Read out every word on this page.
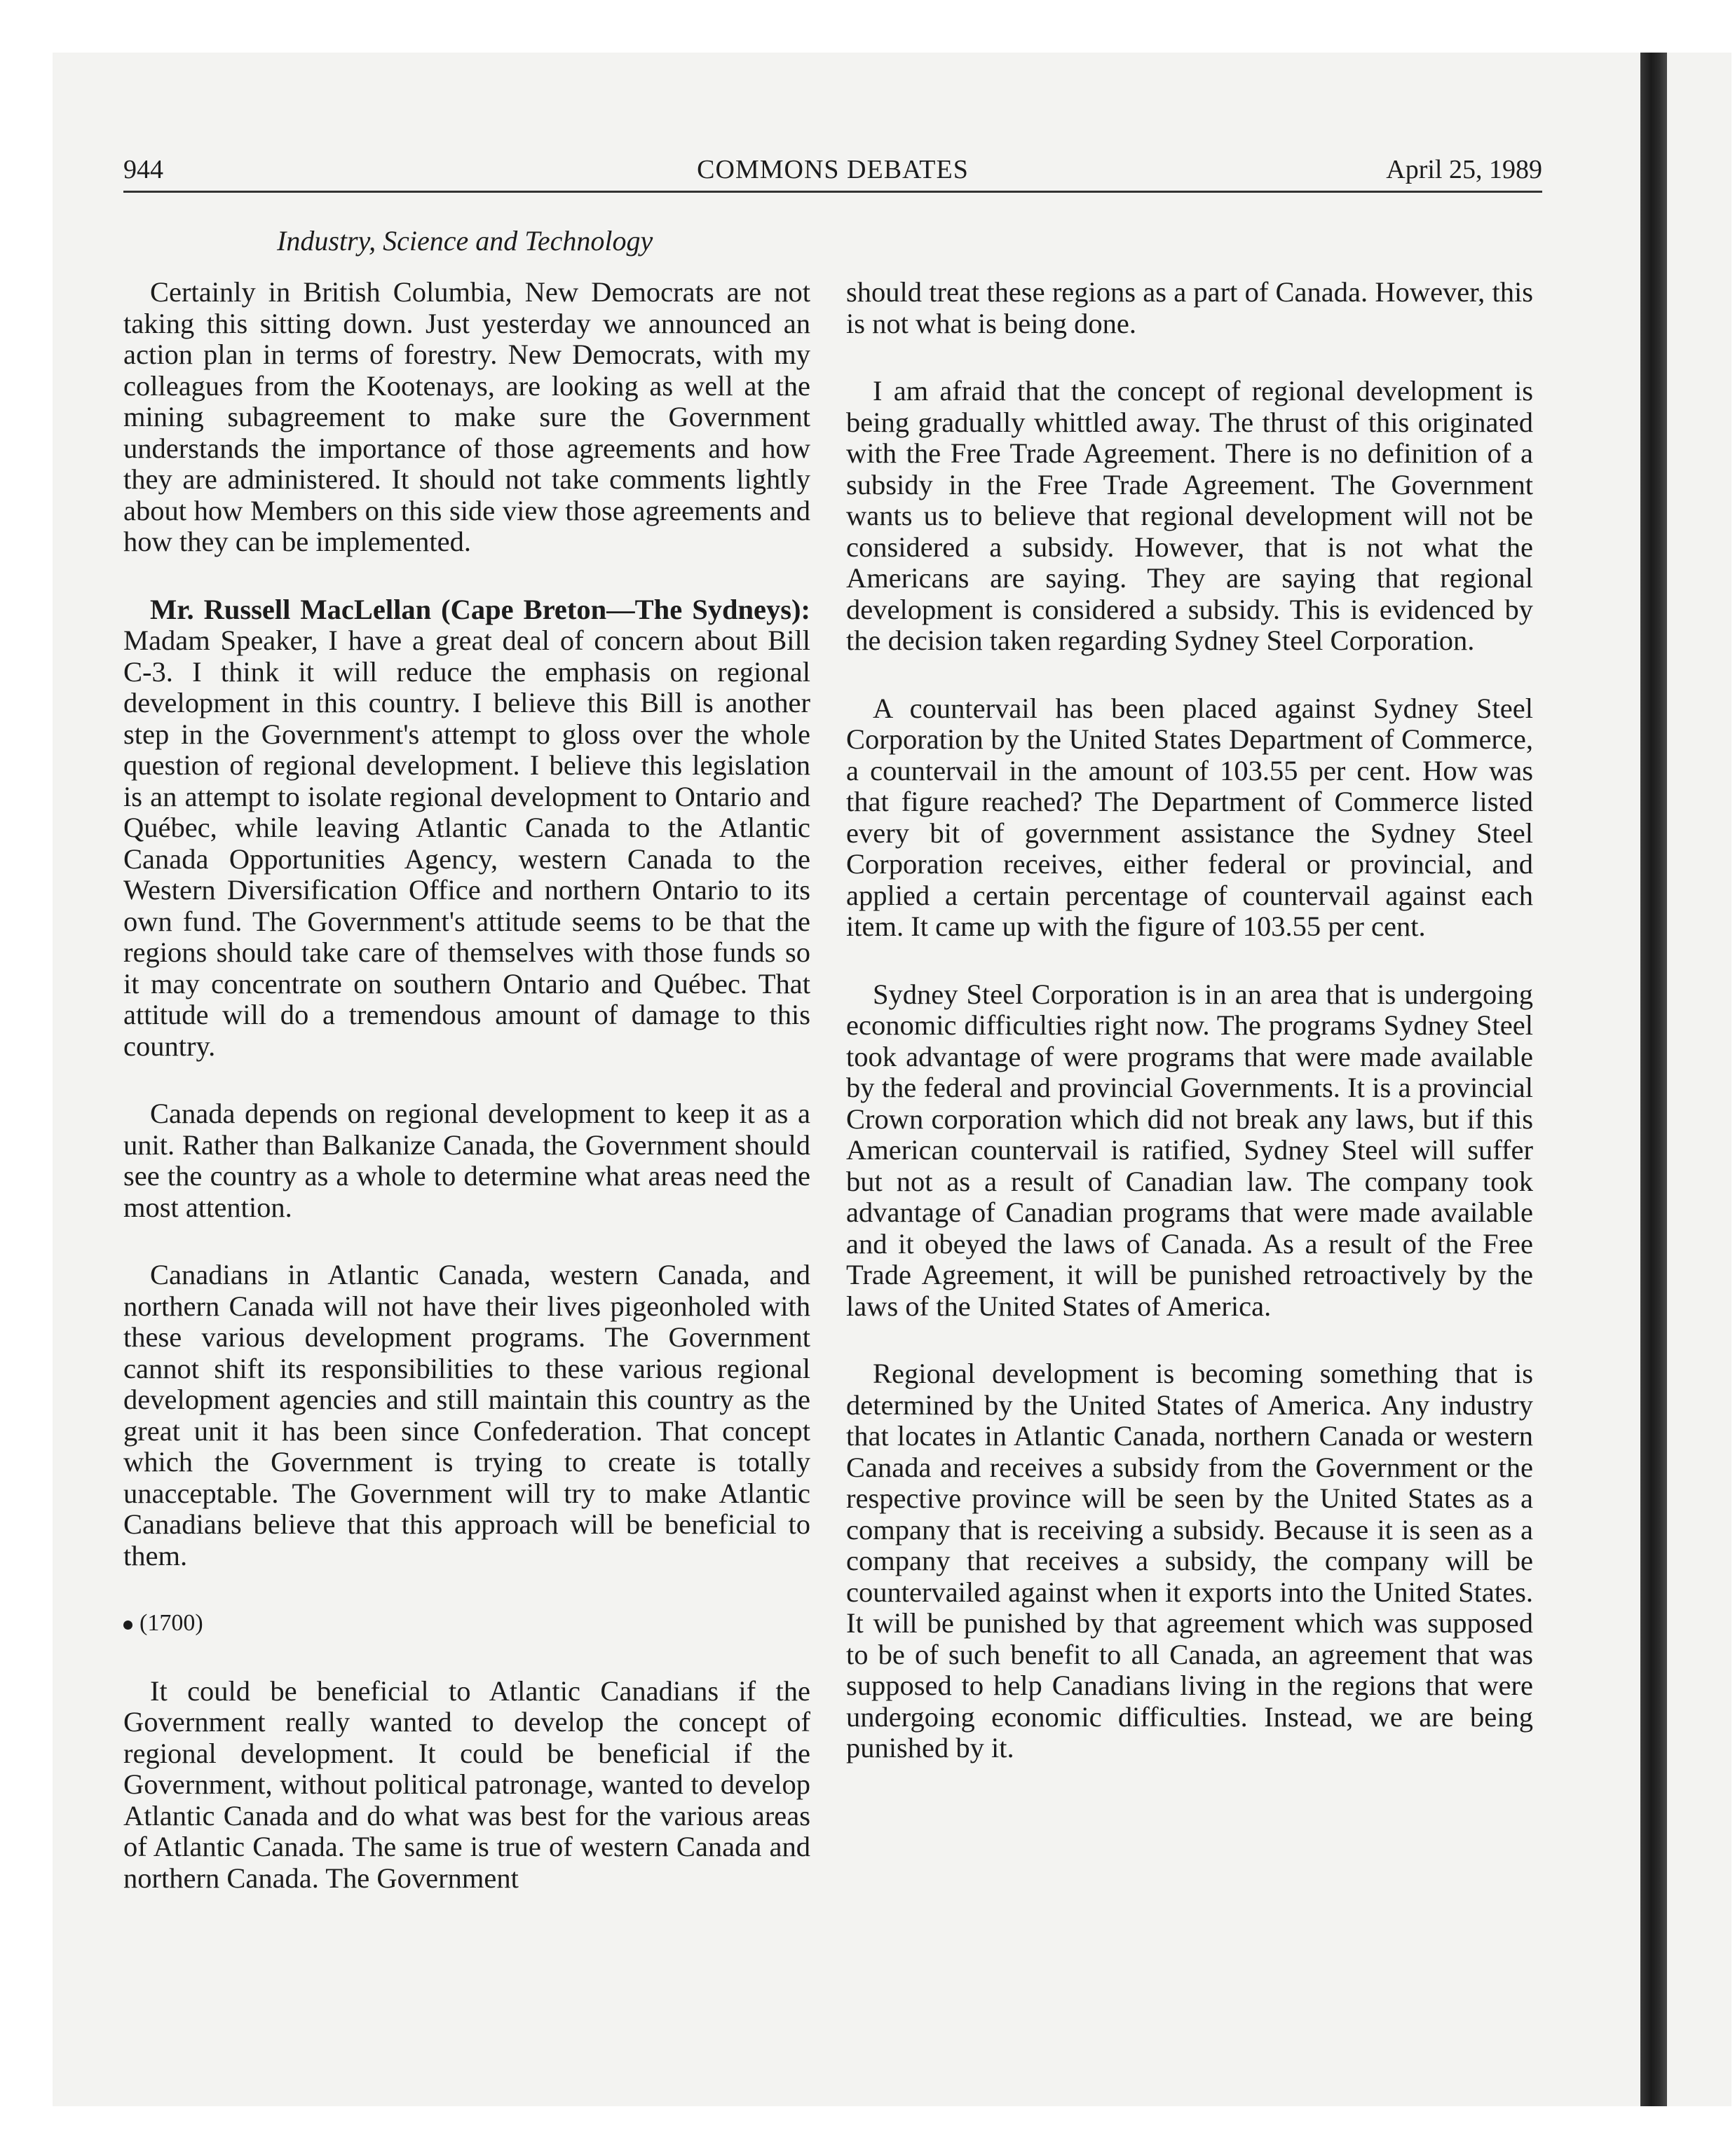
944	COMMONS DEBATES	April 25, 1989
Industry, Science and Technology

Certainly in British Columbia, New Democrats are not taking this sitting down. Just yesterday we announced an action plan in terms of forestry. New Democrats, with my colleagues from the Kootenays, are looking as well at the mining subagreement to make sure the Government understands the importance of those agreements and how they are administered. It should not take comments lightly about how Members on this side view those agreements and how they can be implemented.

Mr. Russell MacLellan (Cape Breton—The Sydneys): Madam Speaker, I have a great deal of concern about Bill C-3. I think it will reduce the emphasis on regional development in this country. I believe this Bill is another step in the Government's attempt to gloss over the whole question of regional development. I believe this legislation is an attempt to isolate regional development to Ontario and Québec, while leaving Atlantic Canada to the Atlantic Canada Opportunities Agency, western Canada to the Western Diversification Office and northern Ontario to its own fund. The Government's attitude seems to be that the regions should take care of themselves with those funds so it may concentrate on southern Ontario and Québec. That attitude will do a tremendous amount of damage to this country.

Canada depends on regional development to keep it as a unit. Rather than Balkanize Canada, the Government should see the country as a whole to determine what areas need the most attention.

Canadians in Atlantic Canada, western Canada, and northern Canada will not have their lives pigeonholed with these various development programs. The Government cannot shift its responsibilities to these various regional development agencies and still maintain this country as the great unit it has been since Confederation. That concept which the Government is trying to create is totally unacceptable. The Government will try to make Atlantic Canadians believe that this approach will be beneficial to them.

(1700)

It could be beneficial to Atlantic Canadians if the Government really wanted to develop the concept of regional development. It could be beneficial if the Government, without political patronage, wanted to develop Atlantic Canada and do what was best for the various areas of Atlantic Canada. The same is true of western Canada and northern Canada. The Government

should treat these regions as a part of Canada. However, this is not what is being done.

I am afraid that the concept of regional development is being gradually whittled away. The thrust of this originated with the Free Trade Agreement. There is no definition of a subsidy in the Free Trade Agreement. The Government wants us to believe that regional development will not be considered a subsidy. However, that is not what the Americans are saying. They are saying that regional development is considered a subsidy. This is evidenced by the decision taken regarding Sydney Steel Corporation.

A countervail has been placed against Sydney Steel Corporation by the United States Department of Commerce, a countervail in the amount of 103.55 per cent. How was that figure reached? The Department of Commerce listed every bit of government assistance the Sydney Steel Corporation receives, either federal or provincial, and applied a certain percentage of countervail against each item. It came up with the figure of 103.55 per cent.

Sydney Steel Corporation is in an area that is undergoing economic difficulties right now. The programs Sydney Steel took advantage of were programs that were made available by the federal and provincial Governments. It is a provincial Crown corporation which did not break any laws, but if this American countervail is ratified, Sydney Steel will suffer but not as a result of Canadian law. The company took advantage of Canadian programs that were made available and it obeyed the laws of Canada. As a result of the Free Trade Agreement, it will be punished retroactively by the laws of the United States of America.

Regional development is becoming something that is determined by the United States of America. Any industry that locates in Atlantic Canada, northern Canada or western Canada and receives a subsidy from the Government or the respective province will be seen by the United States as a company that is receiving a subsidy. Because it is seen as a company that receives a subsidy, the company will be countervailed against when it exports into the United States. It will be punished by that agreement which was supposed to be of such benefit to all Canada, an agreement that was supposed to help Canadians living in the regions that were undergoing economic difficulties. Instead, we are being punished by it.
